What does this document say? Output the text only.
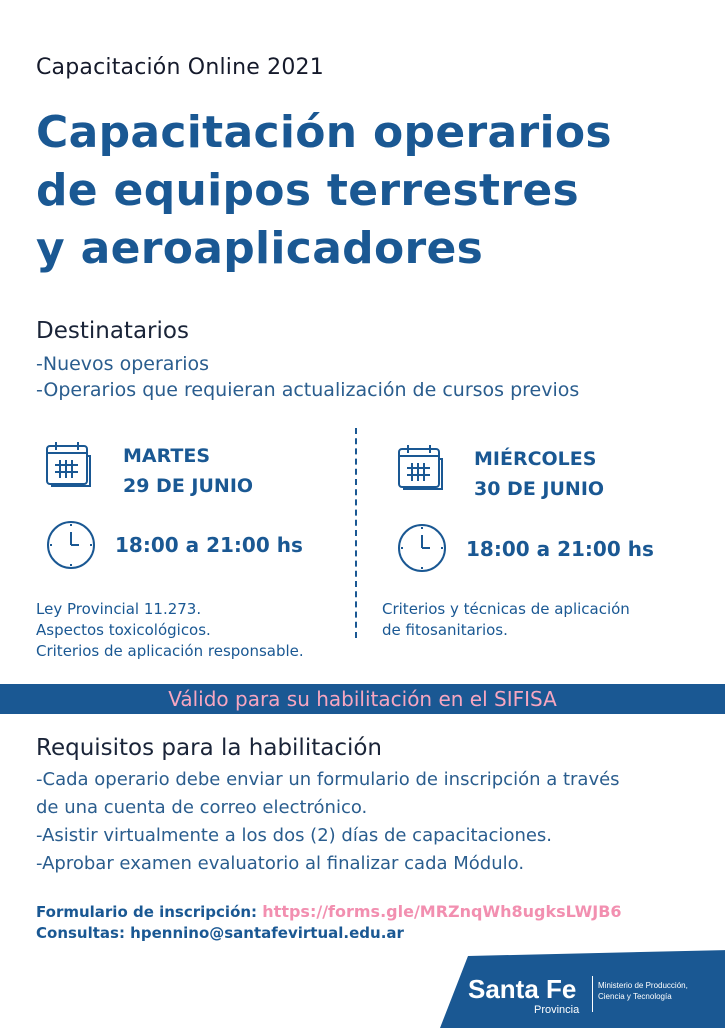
Capacitación Online 2021
Capacitación operarios
de equipos terrestres
y aeroaplicadores
Destinatarios
-Nuevos operarios
-Operarios que requieran actualización de cursos previos
MARTES
29 DE JUNIO
18:00 a 21:00 hs
Ley Provincial 11.273.
Aspectos toxicológicos.
Criterios de aplicación responsable.
MIÉRCOLES
30 DE JUNIO
18:00 a 21:00 hs
Criterios y técnicas de aplicación
de fitosanitarios.
Válido para su habilitación en el SIFISA
Requisitos para la habilitación
-Cada operario debe enviar un formulario de inscripción a través
de una cuenta de correo electrónico.
-Asistir virtualmente a los dos (2) días de capacitaciones.
-Aprobar examen evaluatorio al finalizar cada Módulo.
Formulario de inscripción: https://forms.gle/MRZnqWh8ugksLWJB6
Consultas: hpennino@santafevirtual.edu.ar
Santa Fe
Provincia
Ministerio de Producción,
Ciencia y Tecnología
